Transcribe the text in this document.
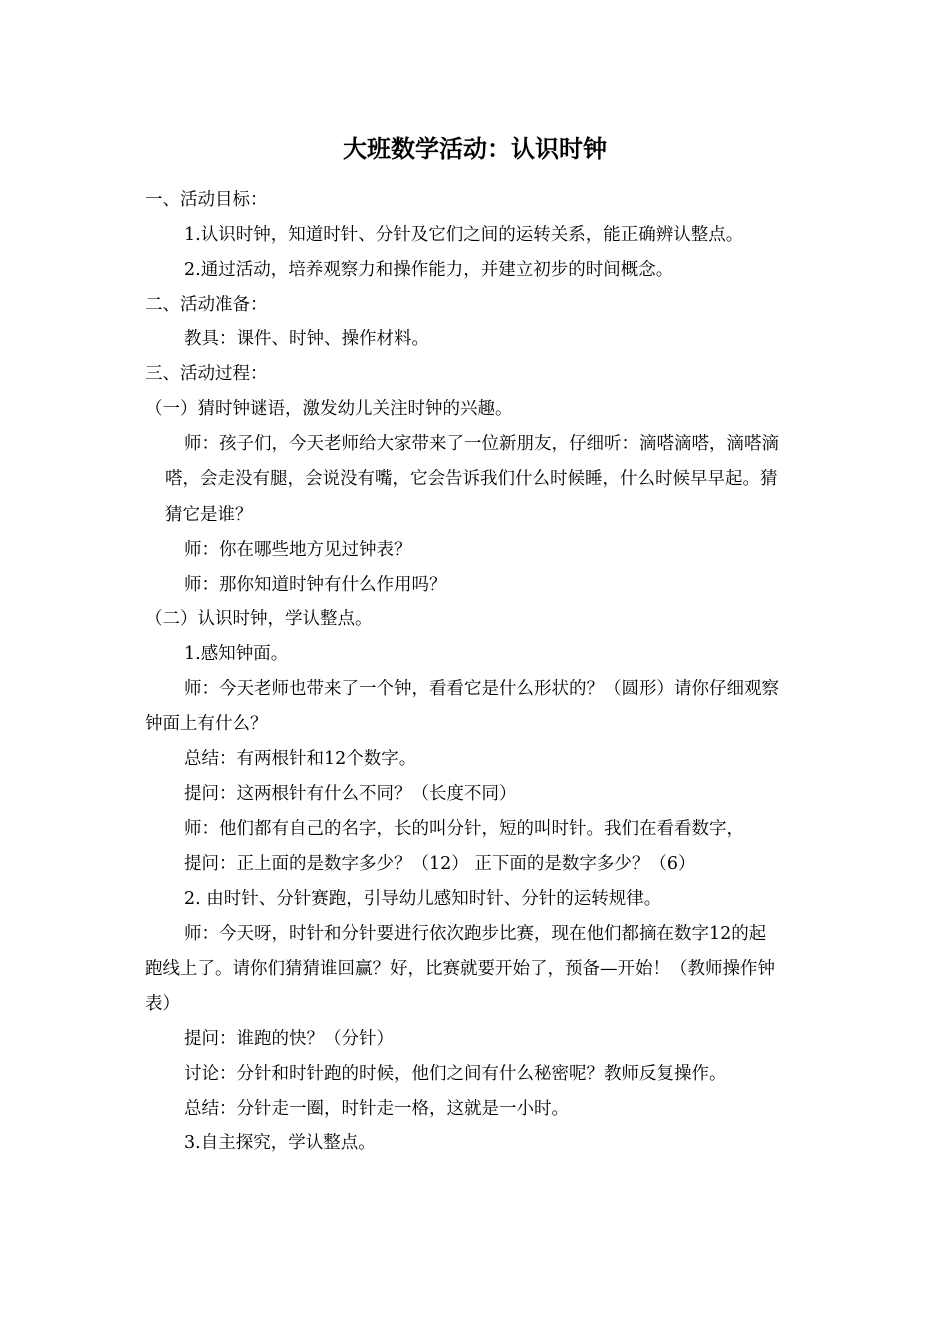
大班数学活动：认识时钟
一、活动目标：
1.认识时钟，知道时针、分针及它们之间的运转关系，能正确辨认整点。
2.通过活动，培养观察力和操作能力，并建立初步的时间概念。
二、活动准备：
教具：课件、时钟、操作材料。
三、活动过程：
（一）猜时钟谜语，激发幼儿关注时钟的兴趣。
师：孩子们，今天老师给大家带来了一位新朋友，仔细听：滴嗒滴嗒，滴嗒滴
嗒，会走没有腿，会说没有嘴，它会告诉我们什么时候睡，什么时候早早起。猜
猜它是谁？
师：你在哪些地方见过钟表？
师：那你知道时钟有什么作用吗？
（二）认识时钟，学认整点。
1.感知钟面。
师：今天老师也带来了一个钟，看看它是什么形状的？（圆形）请你仔细观察
钟面上有什么？
总结：有两根针和12个数字。
提问：这两根针有什么不同？（长度不同）
师：他们都有自己的名字，长的叫分针，短的叫时针。我们在看看数字，
提问：正上面的是数字多少？（12） 正下面的是数字多少？（6）
2. 由时针、分针赛跑，引导幼儿感知时针、分针的运转规律。
师：今天呀，时针和分针要进行依次跑步比赛，现在他们都摘在数字12的起
跑线上了。请你们猜猜谁回赢？好，比赛就要开始了，预备—开始！（教师操作钟
表）
提问：谁跑的快？（分针）
讨论：分针和时针跑的时候，他们之间有什么秘密呢？教师反复操作。
总结：分针走一圈，时针走一格，这就是一小时。
3.自主探究，学认整点。
